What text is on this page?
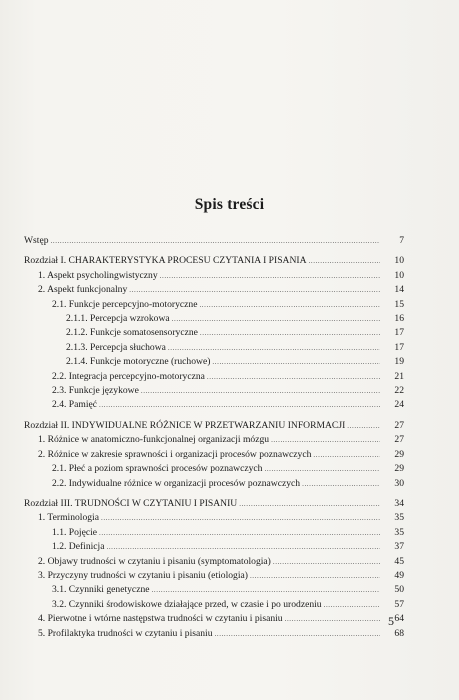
Spis treści
Wstęp .....	7
Rozdział I. CHARAKTERYSTYKA PROCESU CZYTANIA I PISANIA .....	10
1. Aspekt psycholingwistyczny .....	10
2. Aspekt funkcjonalny .....	14
2.1. Funkcje percepcyjno-motoryczne .....	15
2.1.1. Percepcja wzrokowa .....	16
2.1.2. Funkcje somatosensoryczne .....	17
2.1.3. Percepcja słuchowa .....	17
2.1.4. Funkcje motoryczne (ruchowe) .....	19
2.2. Integracja percepcyjno-motoryczna .....	21
2.3. Funkcje językowe .....	22
2.4. Pamięć .....	24
Rozdział II. INDYWIDUALNE RÓŻNICE W PRZETWARZANIU INFORMACJI .....	27
1. Różnice w anatomiczno-funkcjonalnej organizacji mózgu .....	27
2. Różnice w zakresie sprawności i organizacji procesów poznawczych .....	29
2.1. Płeć a poziom sprawności procesów poznawczych .....	29
2.2. Indywidualne różnice w organizacji procesów poznawczych .....	30
Rozdział III. TRUDNOŚCI W CZYTANIU I PISANIU .....	34
1. Terminologia .....	35
1.1. Pojęcie .....	35
1.2. Definicja .....	37
2. Objawy trudności w czytaniu i pisaniu (symptomatologia) .....	45
3. Przyczyny trudności w czytaniu i pisaniu (etiologia) .....	49
3.1. Czynniki genetyczne .....	50
3.2. Czynniki środowiskowe działające przed, w czasie i po urodzeniu .....	57
4. Pierwotne i wtórne następstwa trudności w czytaniu i pisaniu .....	64
5. Profilaktyka trudności w czytaniu i pisaniu .....	68
5
